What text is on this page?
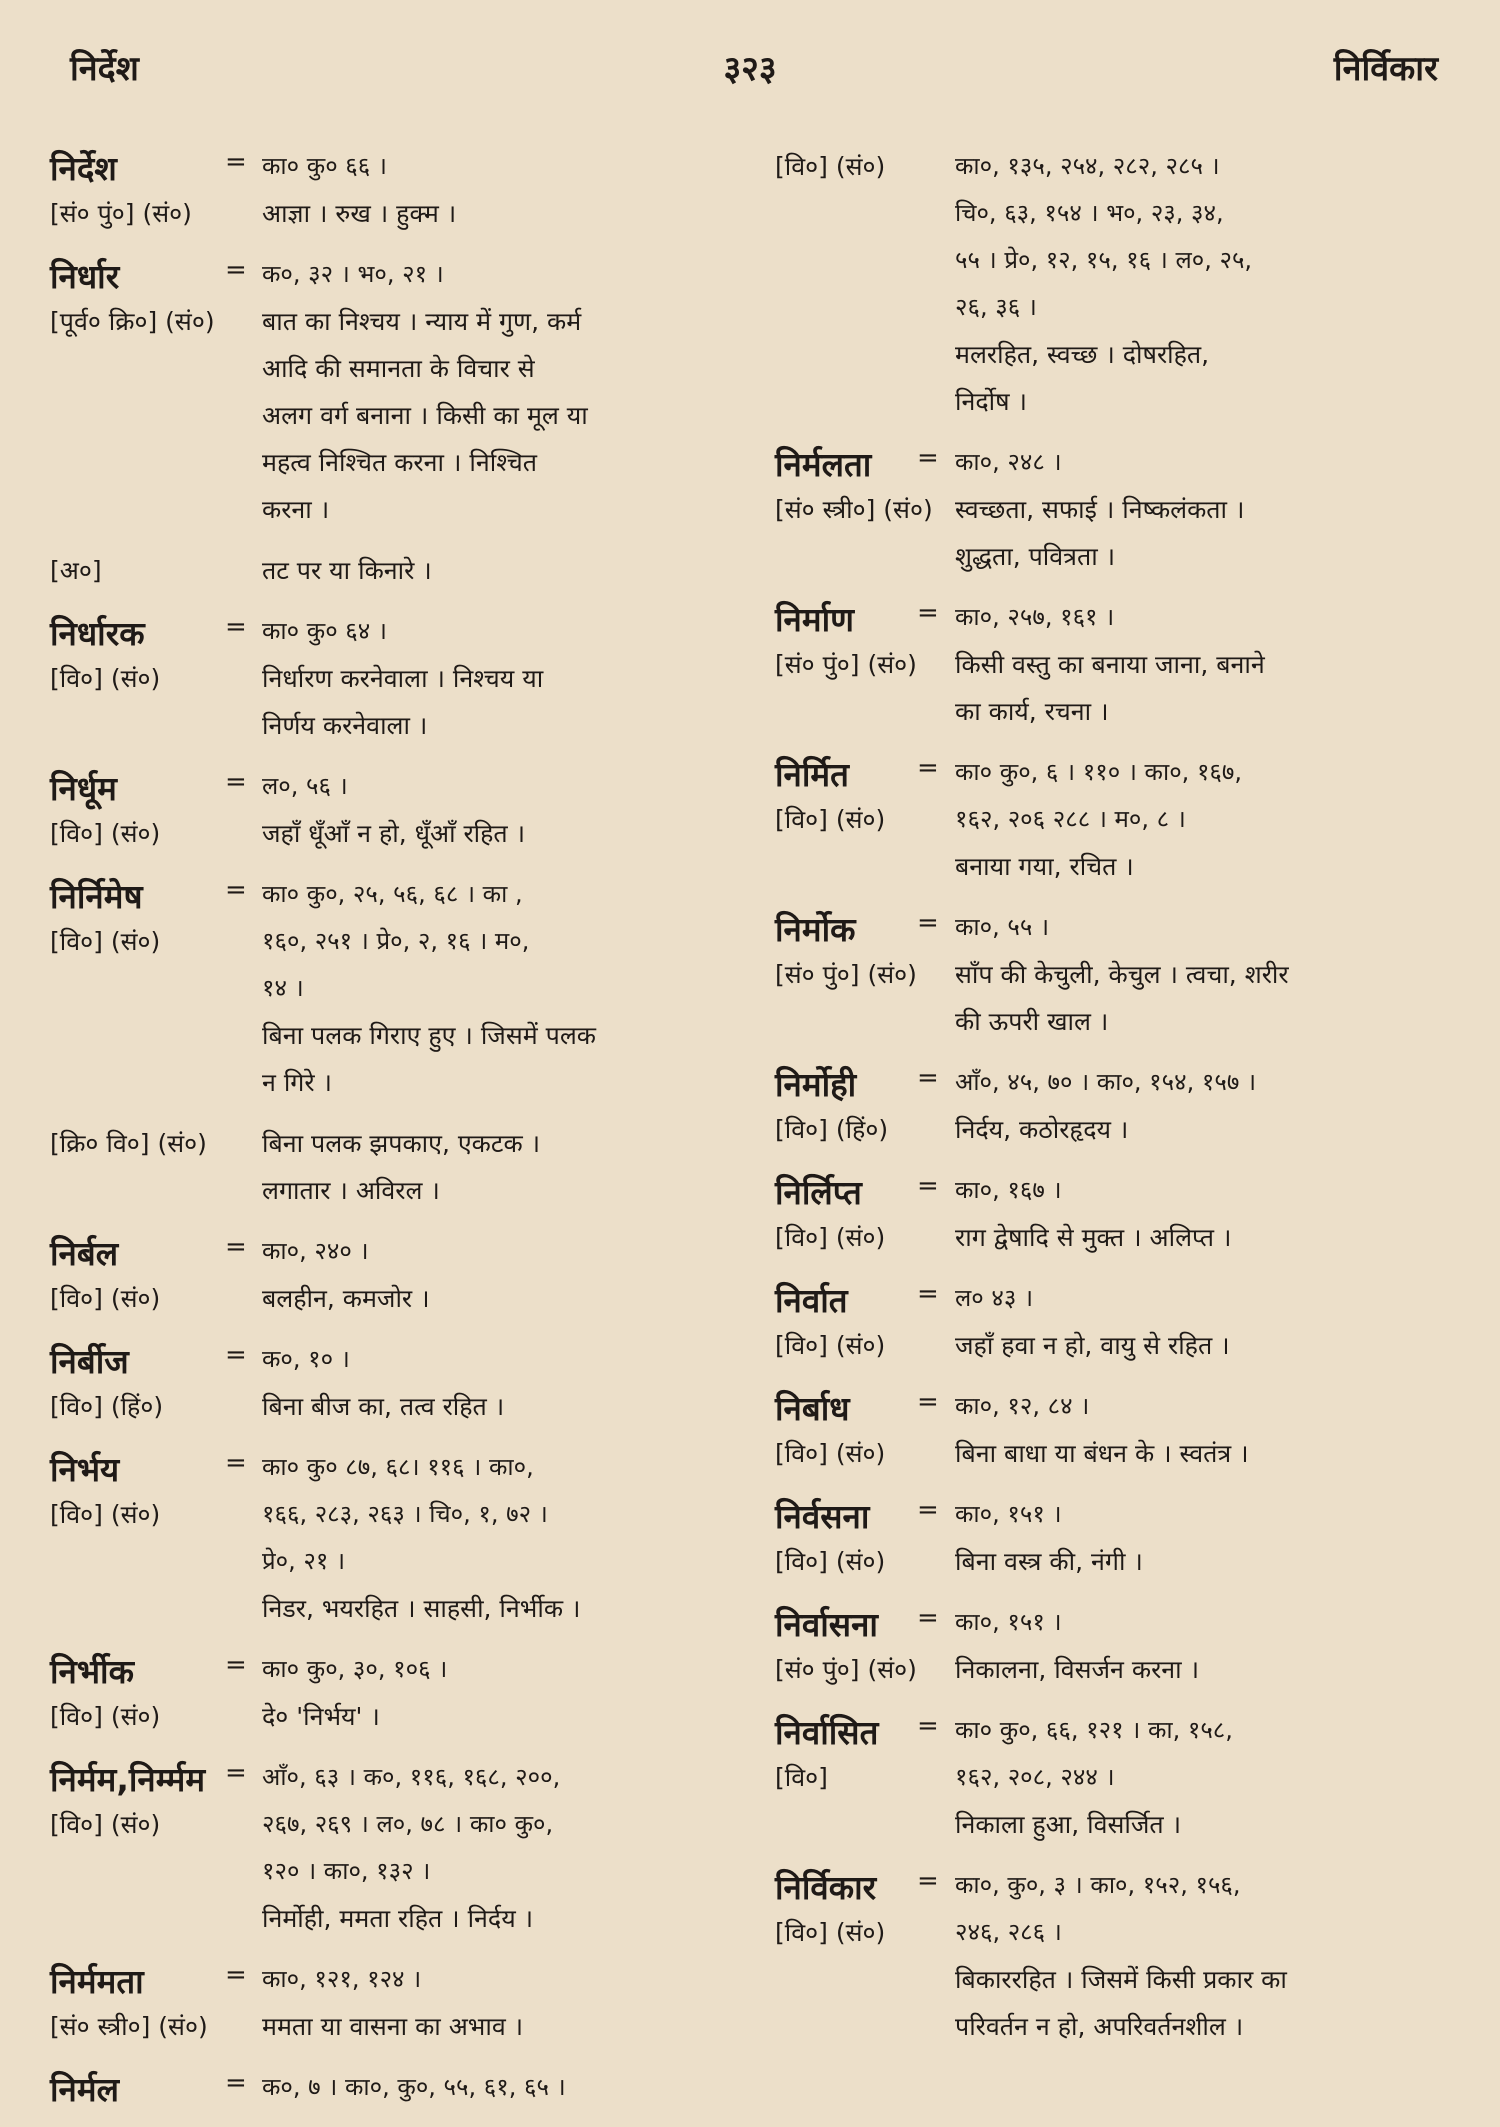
निर्देश	३२३	निर्विकार
निर्देश	= का० कु० ६६ ।
[सं० पुं०] (सं०)	आज्ञा । रुख । हुक्म ।
निर्धार	= क०, ३२ । भ०, २१ ।
[पूर्व० क्रि०] (सं०) बात का निश्चय । न्याय में गुण, कर्म
आदि की समानता के विचार से
अलग वर्ग बनाना । किसी का मूल या
महत्व निश्चित करना । निश्चित
करना ।
[अ०]	तट पर या किनारे ।
निर्धारक	= का० कु० ६४ ।
[वि०] (सं०)	निर्धारण करनेवाला । निश्चय या
निर्णय करनेवाला ।
निर्धूम	= ल०, ५६ ।
[वि०] (सं०)	जहाँ धूँआँ न हो, धूँआँ रहित ।
निर्निमेष	= का० कु०, २५, ५६, ६८ । का ,
[वि०] (सं०)	१६०, २५१ । प्रे०, २, १६ । म०,
१४ ।
बिना पलक गिराए हुए । जिसमें पलक
न गिरे ।
[क्रि० वि०] (सं०) बिना पलक झपकाए, एकटक ।
लगातार । अविरल ।
निर्बल	= का०, २४० ।
[वि०] (सं०)	बलहीन, कमजोर ।
निर्बीज	= क०, १० ।
[वि०] (हिं०)	बिना बीज का, तत्व रहित ।
निर्भय	= का० कु० ८७, ६८। ११६ । का०,
[वि०] (सं०)	१६६, २८३, २६३ । चि०, १, ७२ ।
प्रे०, २१ ।
निडर, भयरहित । साहसी, निर्भीक ।
निर्भीक	= का० कु०, ३०, १०६ ।
[वि०] (सं०)	दे० 'निर्भय' ।
निर्मम,निर्म्मम = आँ०, ६३ । क०, ११६, १६८, २००,
[वि०] (सं०)	२६७, २६९ । ल०, ७८ । का० कु०,
१२० । का०, १३२ ।
निर्मोही, ममता रहित । निर्दय ।
निर्ममता	= का०, १२१, १२४ ।
[सं० स्त्री०] (सं०) ममता या वासना का अभाव ।
निर्मल	= क०, ७ । का०, कु०, ५५, ६१, ६५ ।
[वि०] (सं०)	का०, १३५, २५४, २८२, २८५ ।
चि०, ६३, १५४ । भ०, २३, ३४,
५५ । प्रे०, १२, १५, १६ । ल०, २५,
२६, ३६ ।
मलरहित, स्वच्छ । दोषरहित,
निर्दोष ।
निर्मलता = का०, २४८ ।
[सं० स्त्री०] (सं०) स्वच्छता, सफाई । निष्कलंकता ।
शुद्धता, पवित्रता ।
निर्माण = का०, २५७, १६१ ।
[सं० पुं०] (सं०) किसी वस्तु का बनाया जाना, बनाने
का कार्य, रचना ।
निर्मित	= का० कु०, ६ । ११० । का०, १६७,
[वि०] (सं०)	१६२, २०६ २८८ । म०, ८ ।
बनाया गया, रचित ।
निर्मोक = का०, ५५ ।
[सं० पुं०] (सं०) साँप की केचुली, केचुल । त्वचा, शरीर
की ऊपरी खाल ।
निर्मोही = आँ०, ४५, ७० । का०, १५४, १५७ ।
[वि०] (हिं०)	निर्दय, कठोरहृदय ।
निर्लिप्त = का०, १६७ ।
[वि०] (सं०)	राग द्वेषादि से मुक्त । अलिप्त ।
निर्वात	= ल० ४३ ।
[वि०] (सं०)	जहाँ हवा न हो, वायु से रहित ।
निर्बाध	= का०, १२, ८४ ।
[वि०] (सं०)	बिना बाधा या बंधन के । स्वतंत्र ।
निर्वसना = का०, १५१ ।
[वि०] (सं०)	बिना वस्त्र की, नंगी ।
निर्वासना = का०, १५१ ।
[सं० पुं०] (सं०) निकालना, विसर्जन करना ।
निर्वासित = का० कु०, ६६, १२१ । का, १५८,
[वि०]	१६२, २०८, २४४ ।
निकाला हुआ, विसर्जित ।
निर्विकार = का०, कु०, ३ । का०, १५२, १५६,
[वि०] (सं०)	२४६, २८६ ।
बिकाररहित । जिसमें किसी प्रकार का
परिवर्तन न हो, अपरिवर्तनशील ।
